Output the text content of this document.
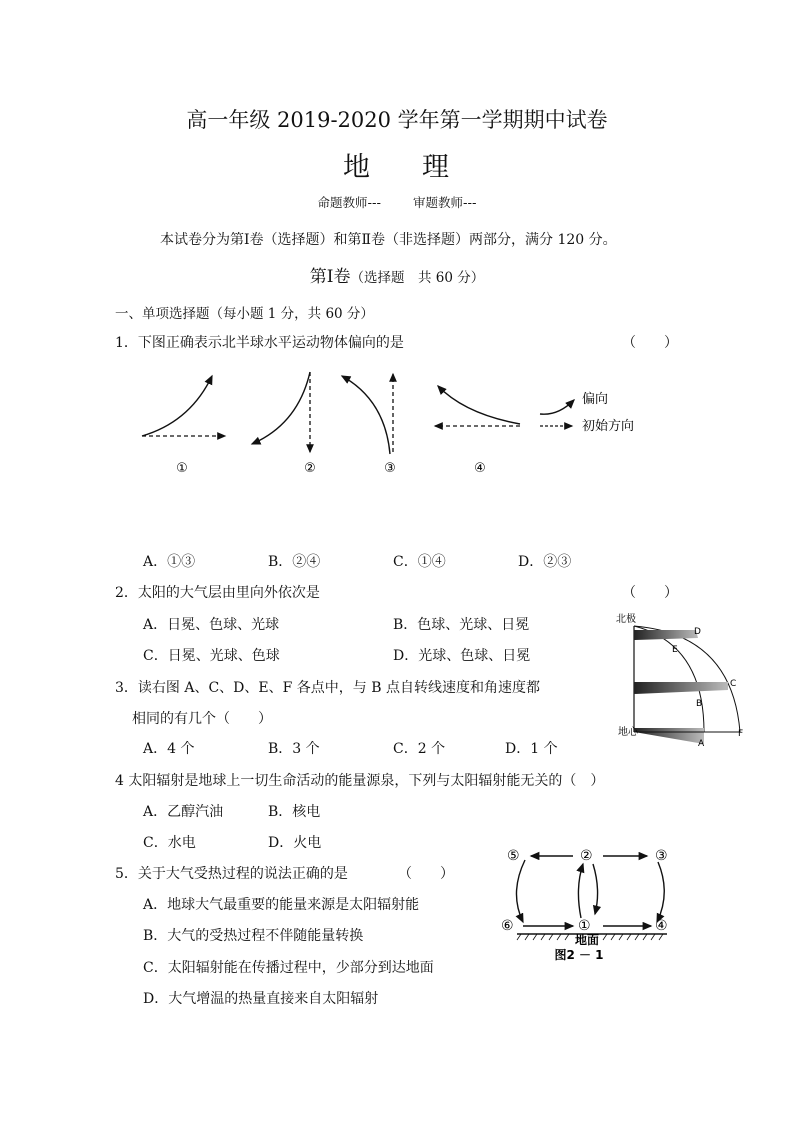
高一年级 2019-2020 学年第一学期期中试卷
地 理
命题教师---	审题教师---
本试卷分为第Ⅰ卷（选择题）和第Ⅱ卷（非选择题）两部分，满分 120 分。
第Ⅰ卷（选择题　共 60 分）
一、单项选择题（每小题 1 分，共 60 分）
1．下图正确表示北半球水平运动物体偏向的是	（　　）
①	②	③	④
偏向
初始方向
A．①③	B．②④	C．①④	D．②③
2．太阳的大气层由里向外依次是	（　　）
A．日冕、色球、光球	B．色球、光球、日冕
C．日冕、光球、色球	D．光球、色球、日冕
北极
地心
D
E
C
B
A
F
3．读右图 A、C、D、E、F 各点中，与 B 点自转线速度和角速度都
相同的有几个（　　）
A．4 个	B．3 个	C．2 个	D．1 个
4 太阳辐射是地球上一切生命活动的能量源泉，下列与太阳辐射能无关的（　）
A．乙醇汽油	B．核电
C．水电	D．火电
5．关于大气受热过程的说法正确的是	（　　）
A．地球大气最重要的能量来源是太阳辐射能
B．大气的受热过程不伴随能量转换
C．太阳辐射能在传播过程中，少部分到达地面
D．大气增温的热量直接来自太阳辐射
⑤	②	③
⑥	①	④
地面
图2 － 1
